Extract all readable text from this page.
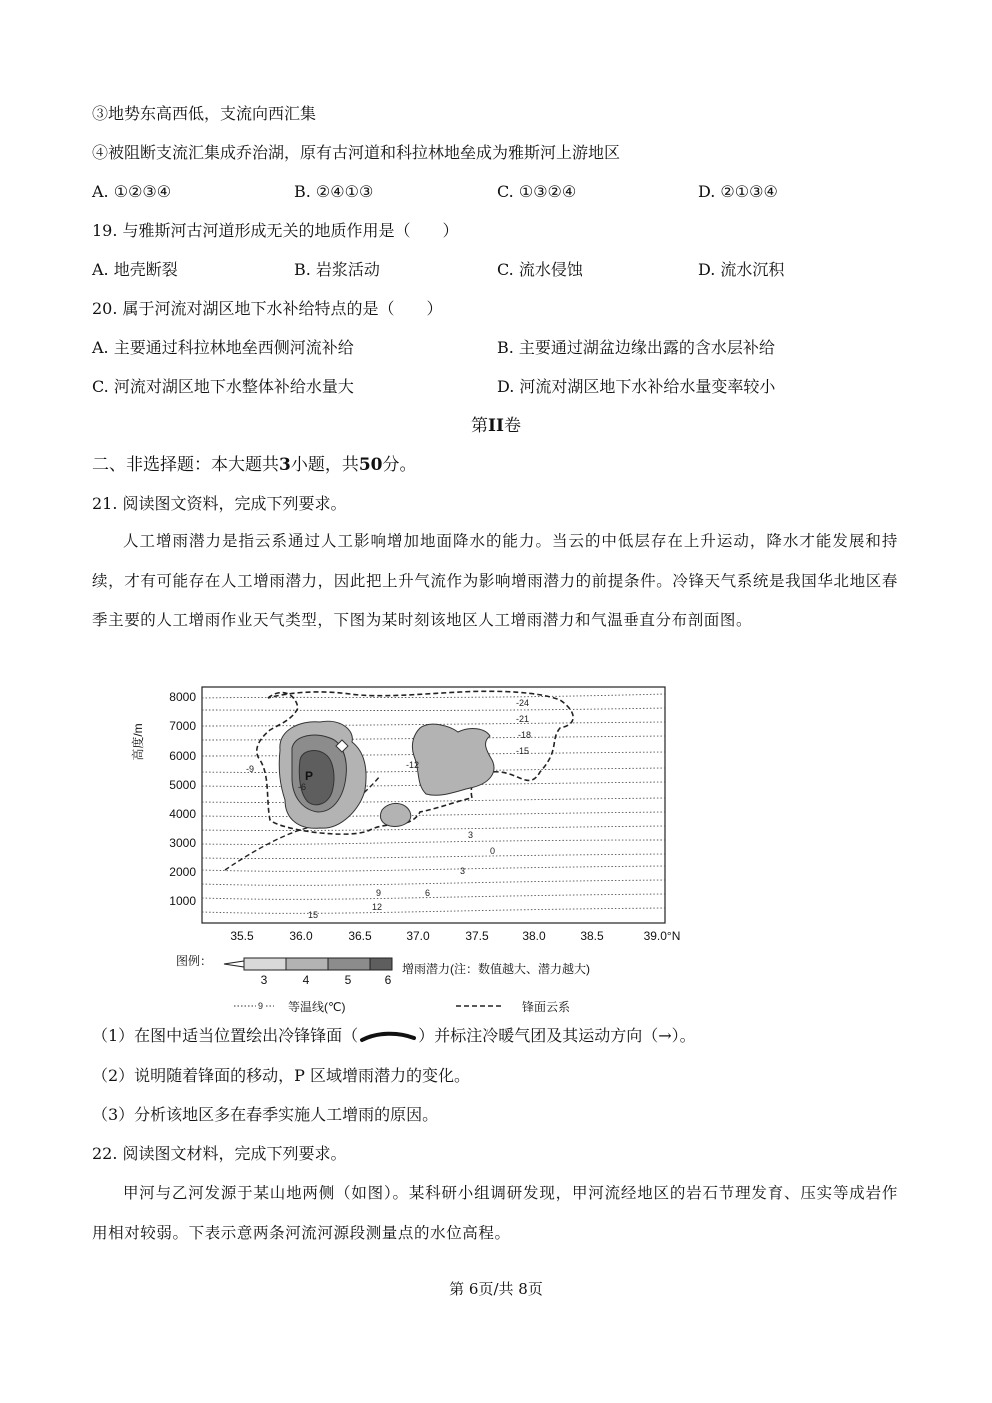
③地势东高西低，支流向西汇集
④被阻断支流汇集成乔治湖，原有古河道和科拉林地垒成为雅斯河上游地区
A. ①②③④	B. ②④①③	C. ①③②④	D. ②①③④
19. 与雅斯河古河道形成无关的地质作用是（　　）
A. 地壳断裂	B. 岩浆活动	C. 流水侵蚀	D. 流水沉积
20. 属于河流对湖区地下水补给特点的是（　　）
A. 主要通过科拉林地垒西侧河流补给	B. 主要通过湖盆边缘出露的含水层补给
C. 河流对湖区地下水整体补给水量大	D. 河流对湖区地下水补给水量变率较小
第II卷
二、非选择题：本大题共3小题，共50分。
21. 阅读图文资料，完成下列要求。
人工增雨潜力是指云系通过人工影响增加地面降水的能力。当云的中低层存在上升运动，降水才能发展和持续，才有可能存在人工增雨潜力，因此把上升气流作为影响增雨潜力的前提条件。冷锋天气系统是我国华北地区春季主要的人工增雨作业天气类型，下图为某时刻该地区人工增雨潜力和气温垂直分布剖面图。
P
-24
-21
-18
-15
-12
-9
-6
3
0
3
6
9
12
15
高度/m
8000
7000
6000
5000
4000
3000
2000
1000
35.5	36.0	36.5	37.0	37.5	38.0	38.5	39.0°N
图例：
3	4	5	6
增雨潜力(注：数值越大、潜力越大)
9 等温线(℃)	锋面云系
（1）在图中适当位置绘出冷锋锋面（	）并标注冷暖气团及其运动方向（→）。
（2）说明随着锋面的移动，P 区域增雨潜力的变化。
（3）分析该地区多在春季实施人工增雨的原因。
22. 阅读图文材料，完成下列要求。
甲河与乙河发源于某山地两侧（如图）。某科研小组调研发现，甲河流经地区的岩石节理发育、压实等成岩作用相对较弱。下表示意两条河流河源段测量点的水位高程。
第 6页/共 8页
